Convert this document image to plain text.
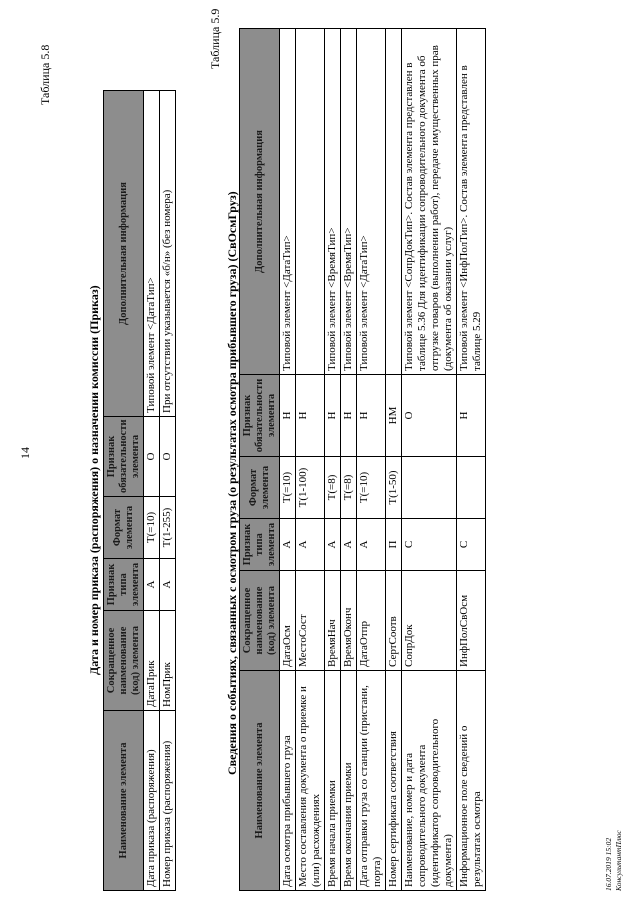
14
Таблица 5.8
Дата и номер приказа (распоряжения) о назначении комиссии (Приказ)
Наименование элемента	Сокращенное наименование (код) элемента	Признак типа элемента	Формат элемента	Признак обязательности элемента	Дополнительная информация
Дата приказа (распоряжения)	ДатаПрик	А	Т(=10)	О	Типовой элемент <ДатаТип>
Номер приказа (распоряжения)	НомПрик	А	Т(1-255)	О	При отсутствии указывается «б/н» (без номера)
Таблица 5.9
Сведения о событиях, связанных с осмотром груза (о результатах осмотра прибывшего груза) (СвОсмГруз)
Наименование элемента	Сокращенное наименование (код) элемента	Признак типа элемента	Формат элемента	Признак обязательности элемента	Дополнительная информация
Дата осмотра прибывшего груза	ДатаОсм	А	Т(=10)	Н	Типовой элемент <ДатаТип>
Место составления документа о приемке и (или) расхождениях	МестоСост	А	Т(1-100)	Н	
Время начала приемки	ВремяНач	А	Т(=8)	Н	Типовой элемент <ВремяТип>
Время окончания приемки	ВремяОконч	А	Т(=8)	Н	Типовой элемент <ВремяТип>
Дата отправки груза со станции (пристани, порта)	ДатаОтпр	А	Т(=10)	Н	Типовой элемент <ДатаТип>
Номер сертификата соответствия	СертСоотв	П	Т(1-50)	НМ	
Наименование, номер и дата сопроводительного документа (идентификатор сопроводительного документа)	СопрДок	С		О	Типовой элемент <СопрДокТип>. Состав элемента представлен в таблице 5.36 Для идентификации сопроводительного документа об отгрузке товаров (выполнении работ), передаче имущественных прав (документа об оказании услуг)
Информационное поле сведений о результатах осмотра	ИнфПолСвОсм	С		Н	Типовой элемент <ИнфПолТип>. Состав элемента представлен в таблице 5.29
16.07.2019 15:02 КонсультантПлюс
